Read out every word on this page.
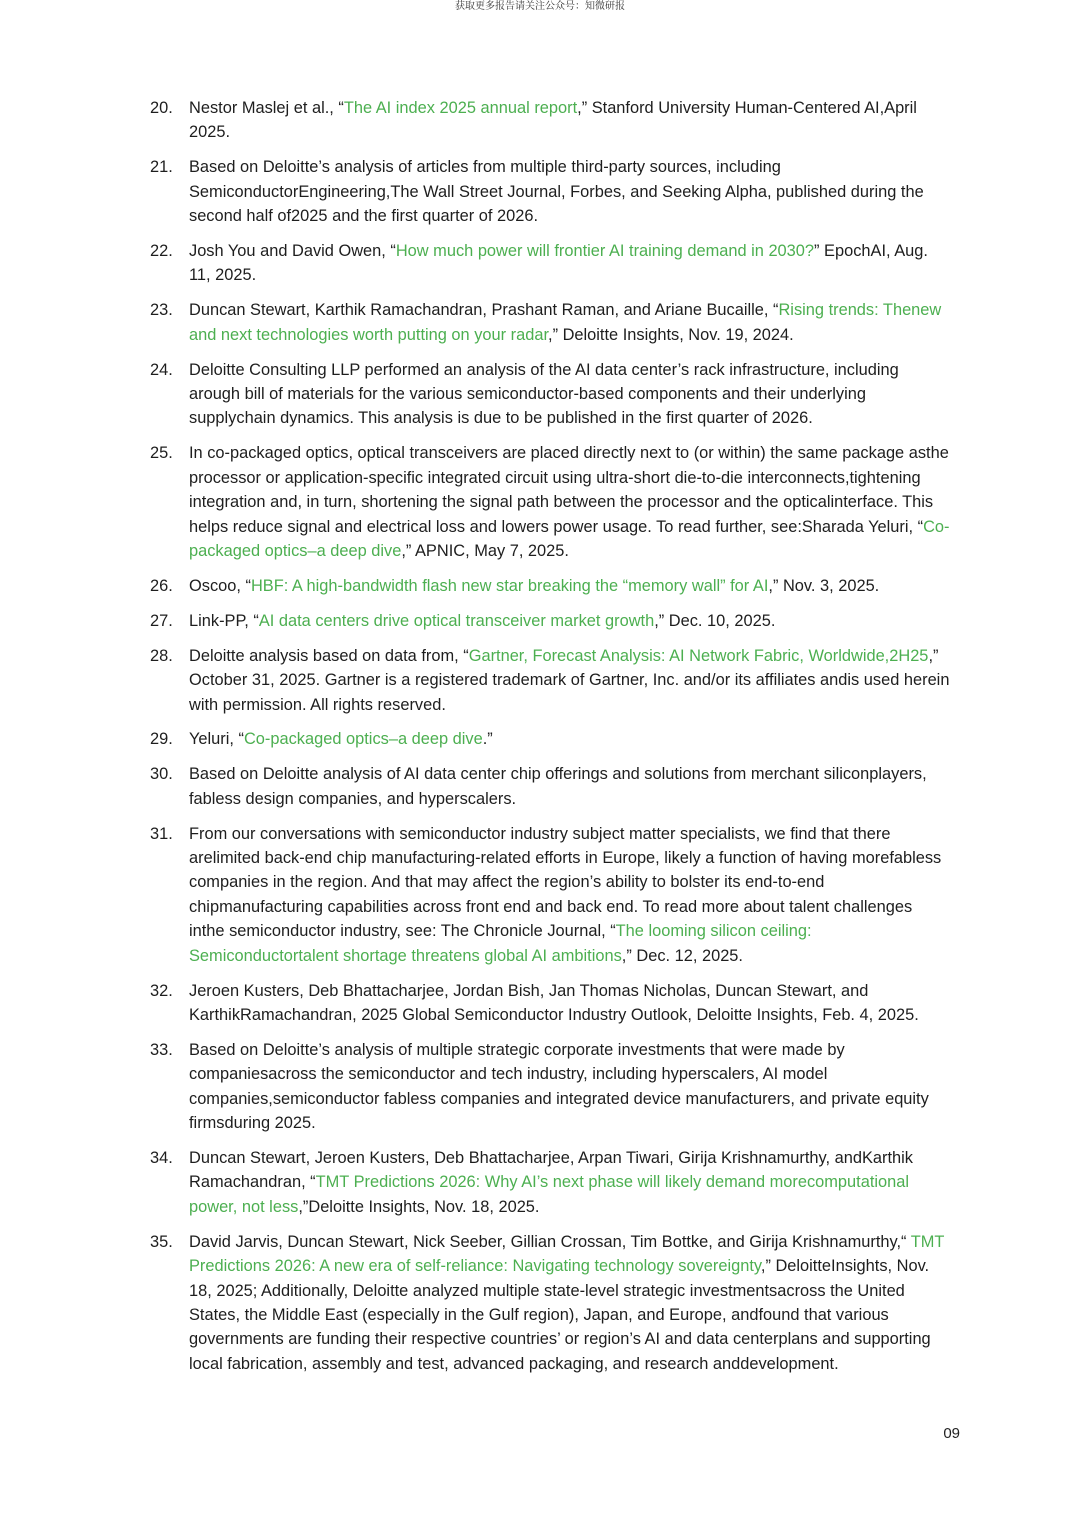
获取更多报告请关注公众号：知微研报
20. Nestor Maslej et al., “The AI index 2025 annual report,” Stanford University Human-Centered AI,April 2025.
21. Based on Deloitte’s analysis of articles from multiple third-party sources, including SemiconductorEngineering,The Wall Street Journal, Forbes, and Seeking Alpha, published during the second half of2025 and the first quarter of 2026.
22. Josh You and David Owen, “How much power will frontier AI training demand in 2030?” EpochAI, Aug. 11, 2025.
23. Duncan Stewart, Karthik Ramachandran, Prashant Raman, and Ariane Bucaille, “Rising trends: Thenew and next technologies worth putting on your radar,” Deloitte Insights, Nov. 19, 2024.
24. Deloitte Consulting LLP performed an analysis of the AI data center’s rack infrastructure, including arough bill of materials for the various semiconductor-based components and their underlying supplychain dynamics. This analysis is due to be published in the first quarter of 2026.
25. In co-packaged optics, optical transceivers are placed directly next to (or within) the same package asthe processor or application-specific integrated circuit using ultra-short die-to-die interconnects,tightening integration and, in turn, shortening the signal path between the processor and the opticalinterface. This helps reduce signal and electrical loss and lowers power usage. To read further, see:Sharada Yeluri, “Co-packaged optics–a deep dive,” APNIC, May 7, 2025.
26. Oscoo, “HBF: A high-bandwidth flash new star breaking the “memory wall” for AI,” Nov. 3, 2025.
27. Link-PP, “AI data centers drive optical transceiver market growth,” Dec. 10, 2025.
28. Deloitte analysis based on data from, “Gartner, Forecast Analysis: AI Network Fabric, Worldwide,2H25,” October 31, 2025. Gartner is a registered trademark of Gartner, Inc. and/or its affiliates andis used herein with permission. All rights reserved.
29. Yeluri, “Co-packaged optics–a deep dive.”
30. Based on Deloitte analysis of AI data center chip offerings and solutions from merchant siliconplayers, fabless design companies, and hyperscalers.
31. From our conversations with semiconductor industry subject matter specialists, we find that there arelimited back-end chip manufacturing-related efforts in Europe, likely a function of having morefabless companies in the region. And that may affect the region’s ability to bolster its end-to-end chipmanufacturing capabilities across front end and back end. To read more about talent challenges inthe semiconductor industry, see: The Chronicle Journal, “The looming silicon ceiling: Semiconductortalent shortage threatens global AI ambitions,” Dec. 12, 2025.
32. Jeroen Kusters, Deb Bhattacharjee, Jordan Bish, Jan Thomas Nicholas, Duncan Stewart, and KarthikRamachandran, 2025 Global Semiconductor Industry Outlook, Deloitte Insights, Feb. 4, 2025.
33. Based on Deloitte’s analysis of multiple strategic corporate investments that were made by companiesacross the semiconductor and tech industry, including hyperscalers, AI model companies,semiconductor fabless companies and integrated device manufacturers, and private equity firmsduring 2025.
34. Duncan Stewart, Jeroen Kusters, Deb Bhattacharjee, Arpan Tiwari, Girija Krishnamurthy, andKarthik Ramachandran, “TMT Predictions 2026: Why AI’s next phase will likely demand morecomputational power, not less,”Deloitte Insights, Nov. 18, 2025.
35. David Jarvis, Duncan Stewart, Nick Seeber, Gillian Crossan, Tim Bottke, and Girija Krishnamurthy,“ TMT Predictions 2026: A new era of self-reliance: Navigating technology sovereignty,” DeloitteInsights, Nov. 18, 2025; Additionally, Deloitte analyzed multiple state-level strategic investmentsacross the United States, the Middle East (especially in the Gulf region), Japan, and Europe, andfound that various governments are funding their respective countries’ or region’s AI and data centerplans and supporting local fabrication, assembly and test, advanced packaging, and research anddevelopment.
09
